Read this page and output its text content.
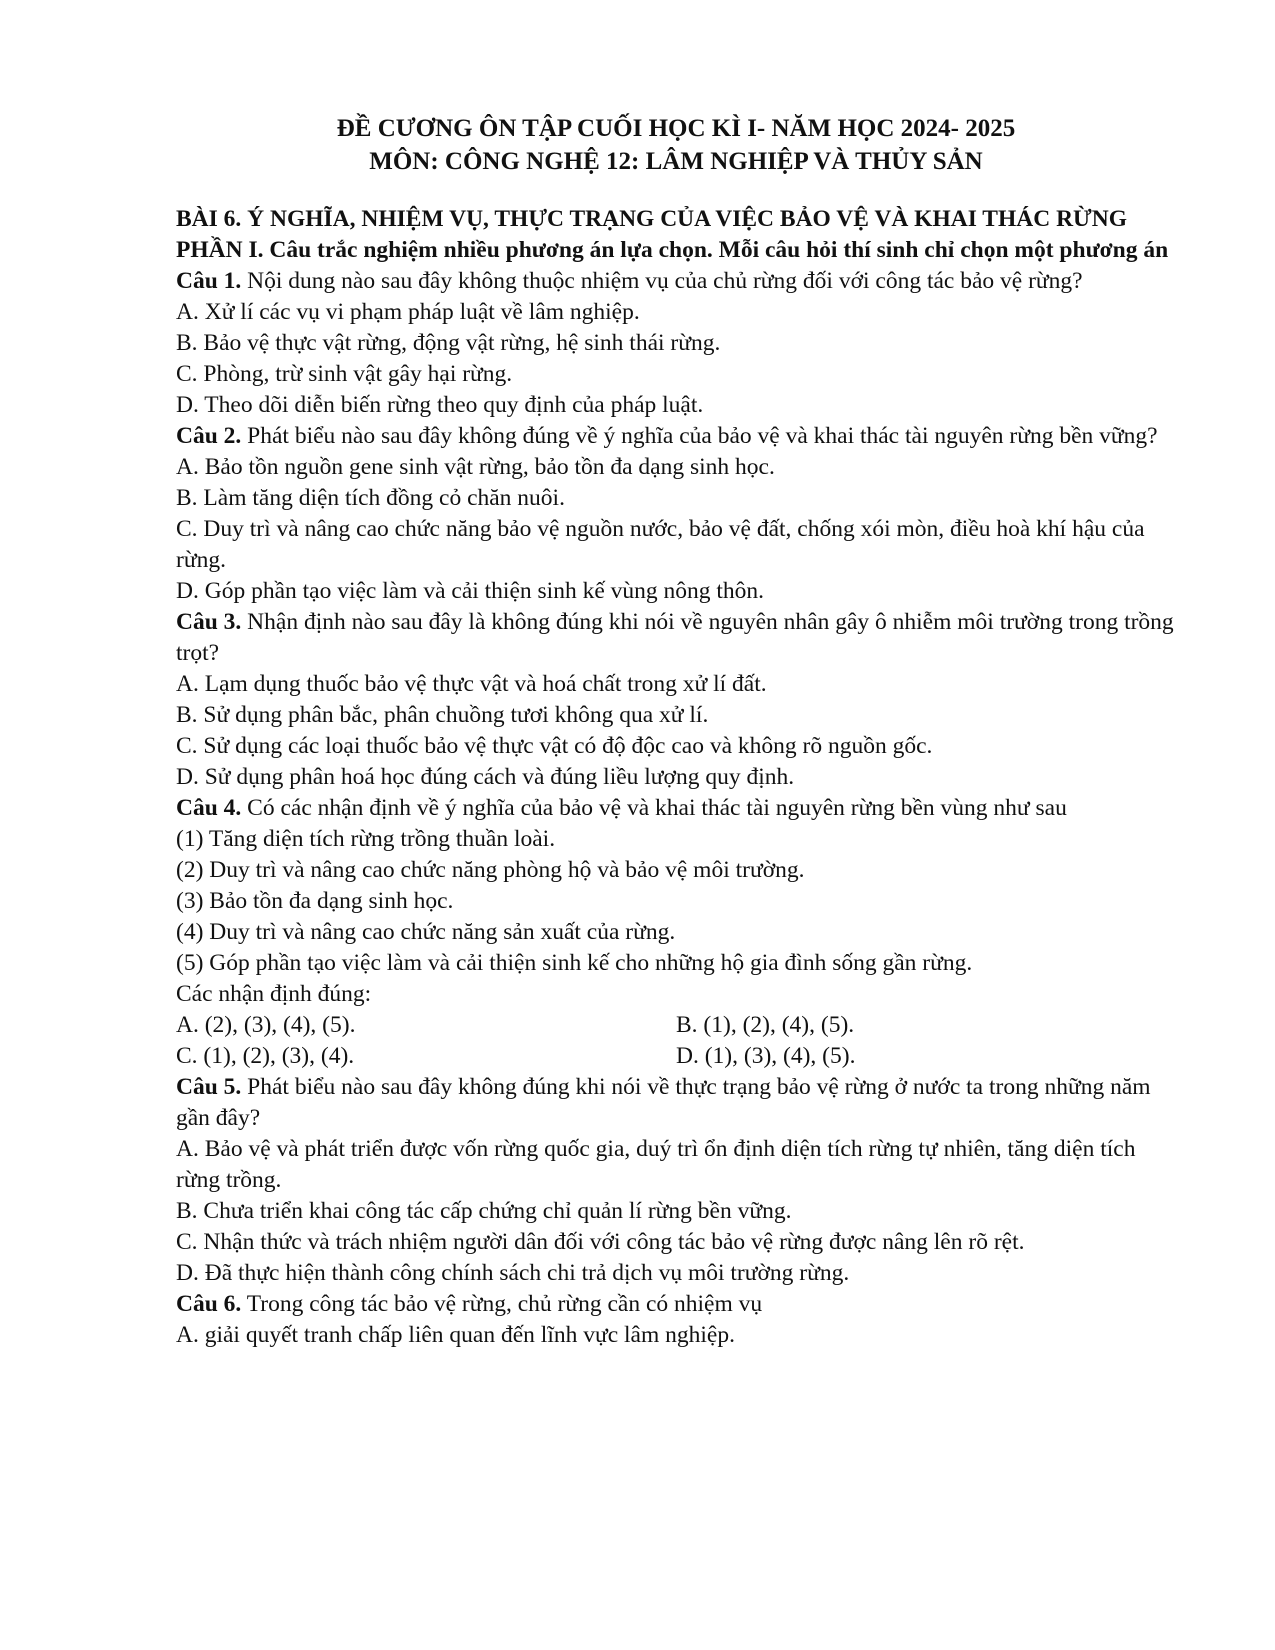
ĐỀ CƯƠNG ÔN TẬP CUỐI HỌC KÌ I- NĂM HỌC 2024- 2025
MÔN: CÔNG NGHỆ 12: LÂM NGHIỆP VÀ THỦY SẢN
BÀI 6. Ý NGHĨA, NHIỆM VỤ, THỰC TRẠNG CỦA VIỆC BẢO VỆ VÀ KHAI THÁC RỪNG
PHẦN I. Câu trắc nghiệm nhiều phương án lựa chọn. Mỗi câu hỏi thí sinh chỉ chọn một phương án
Câu 1. Nội dung nào sau đây không thuộc nhiệm vụ của chủ rừng đối với công tác bảo vệ rừng?
A. Xử lí các vụ vi phạm pháp luật về lâm nghiệp.
B. Bảo vệ thực vật rừng, động vật rừng, hệ sinh thái rừng.
C. Phòng, trừ sinh vật gây hại rừng.
D. Theo dõi diễn biến rừng theo quy định của pháp luật.
Câu 2. Phát biểu nào sau đây không đúng về ý nghĩa của bảo vệ và khai thác tài nguyên rừng bền vững?
A. Bảo tồn nguồn gene sinh vật rừng, bảo tồn đa dạng sinh học.
B. Làm tăng diện tích đồng cỏ chăn nuôi.
C. Duy trì và nâng cao chức năng bảo vệ nguồn nước, bảo vệ đất, chống xói mòn, điều hoà khí hậu của rừng.
D. Góp phần tạo việc làm và cải thiện sinh kế vùng nông thôn.
Câu 3. Nhận định nào sau đây là không đúng khi nói về nguyên nhân gây ô nhiễm môi trường trong trồng trọt?
A. Lạm dụng thuốc bảo vệ thực vật và hoá chất trong xử lí đất.
B. Sử dụng phân bắc, phân chuồng tươi không qua xử lí.
C. Sử dụng các loại thuốc bảo vệ thực vật có độ độc cao và không rõ nguồn gốc.
D. Sử dụng phân hoá học đúng cách và đúng liều lượng quy định.
Câu 4. Có các nhận định về ý nghĩa của bảo vệ và khai thác tài nguyên rừng bền vùng như sau
(1) Tăng diện tích rừng trồng thuần loài.
(2) Duy trì và nâng cao chức năng phòng hộ và bảo vệ môi trường.
(3) Bảo tồn đa dạng sinh học.
(4) Duy trì và nâng cao chức năng sản xuất của rừng.
(5) Góp phần tạo việc làm và cải thiện sinh kế cho những hộ gia đình sống gần rừng.
Các nhận định đúng:
A. (2), (3), (4), (5).	B. (1), (2), (4), (5).
C. (1), (2), (3), (4).	D. (1), (3), (4), (5).
Câu 5. Phát biểu nào sau đây không đúng khi nói về thực trạng bảo vệ rừng ở nước ta trong những năm gần đây?
A. Bảo vệ và phát triển được vốn rừng quốc gia, duý trì ổn định diện tích rừng tự nhiên, tăng diện tích rừng trồng.
B. Chưa triển khai công tác cấp chứng chỉ quản lí rừng bền vững.
C. Nhận thức và trách nhiệm người dân đối với công tác bảo vệ rừng được nâng lên rõ rệt.
D. Đã thực hiện thành công chính sách chi trả dịch vụ môi trường rừng.
Câu 6. Trong công tác bảo vệ rừng, chủ rừng cần có nhiệm vụ
A. giải quyết tranh chấp liên quan đến lĩnh vực lâm nghiệp.
